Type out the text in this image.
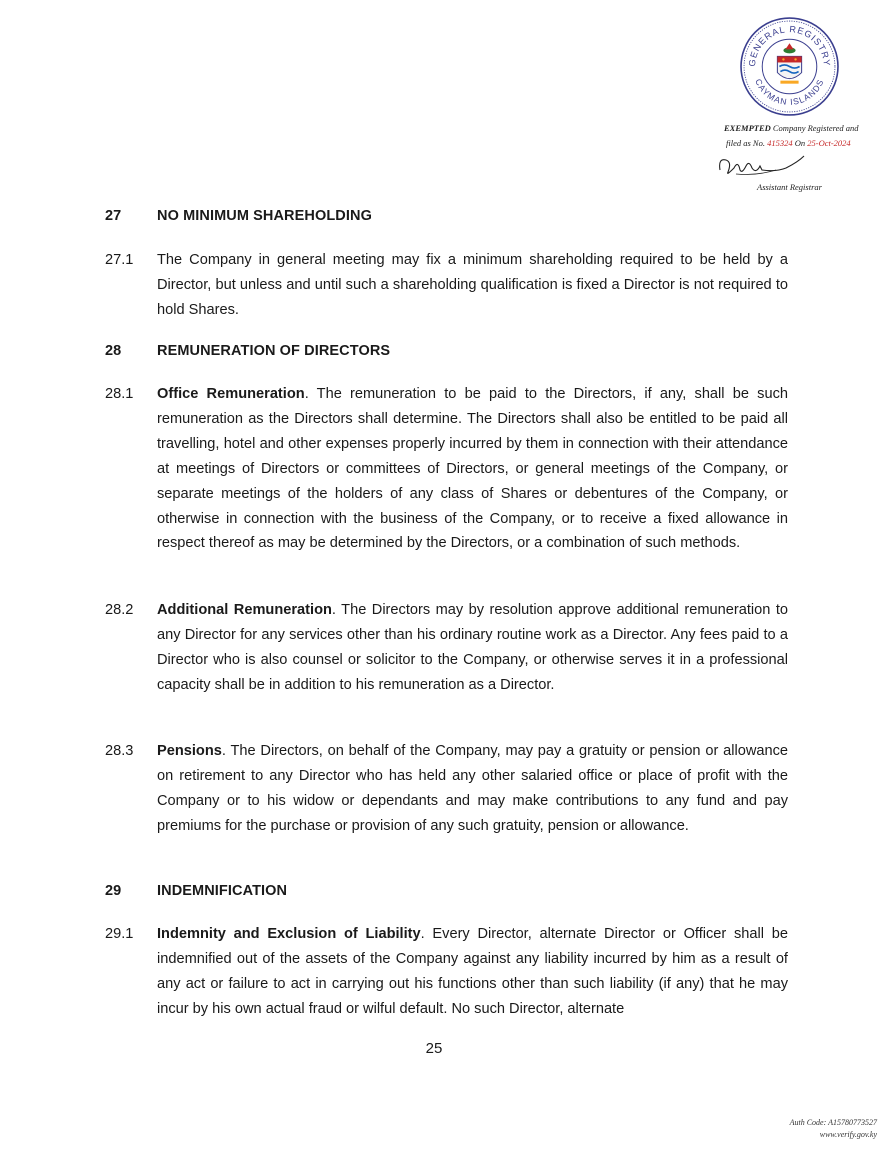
GENERAL REGISTRY
CAYMAN ISLANDS
EXEMPTED Company Registered and
filed as No. 415324 On 25-Oct-2024
Assistant Registrar
27 NO MINIMUM SHAREHOLDING
27.1 The Company in general meeting may fix a minimum shareholding required to be held by a Director, but unless and until such a shareholding qualification is fixed a Director is not required to hold Shares.
28 REMUNERATION OF DIRECTORS
28.1 Office Remuneration. The remuneration to be paid to the Directors, if any, shall be such remuneration as the Directors shall determine. The Directors shall also be entitled to be paid all travelling, hotel and other expenses properly incurred by them in connection with their attendance at meetings of Directors or committees of Directors, or general meetings of the Company, or separate meetings of the holders of any class of Shares or debentures of the Company, or otherwise in connection with the business of the Company, or to receive a fixed allowance in respect thereof as may be determined by the Directors, or a combination of such methods.
28.2 Additional Remuneration. The Directors may by resolution approve additional remuneration to any Director for any services other than his ordinary routine work as a Director. Any fees paid to a Director who is also counsel or solicitor to the Company, or otherwise serves it in a professional capacity shall be in addition to his remuneration as a Director.
28.3 Pensions. The Directors, on behalf of the Company, may pay a gratuity or pension or allowance on retirement to any Director who has held any other salaried office or place of profit with the Company or to his widow or dependants and may make contributions to any fund and pay premiums for the purchase or provision of any such gratuity, pension or allowance.
29 INDEMNIFICATION
29.1 Indemnity and Exclusion of Liability. Every Director, alternate Director or Officer shall be indemnified out of the assets of the Company against any liability incurred by him as a result of any act or failure to act in carrying out his functions other than such liability (if any) that he may incur by his own actual fraud or wilful default. No such Director, alternate
25
Auth Code: A15780773527
www.verify.gov.ky
